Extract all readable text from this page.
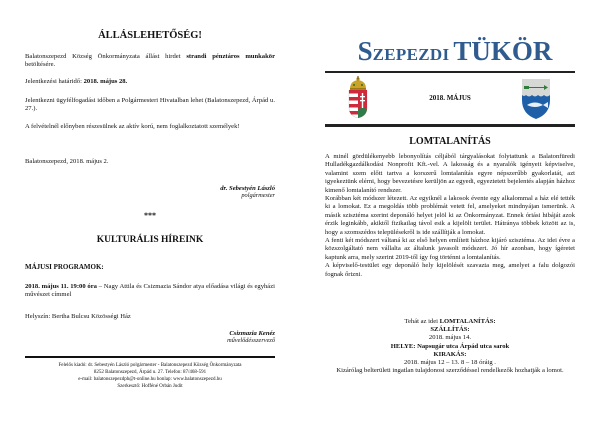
ÁLLÁSLEHETŐSÉG!
Balatonszepezd Község Önkormányzata állást hirdet strandi pénztáros munkakör betöltésére.
Jelentkezési határidő: 2018. május 28.
Jelentkezni ügyfélfogadási időben a Polgármesteri Hivatalban lehet (Balatonszepezd, Árpád u. 27.).
A felvételnél előnyben részesülnek az aktív korú, nem foglalkoztatott személyek!
Balatonszepezd, 2018. május 2.
dr. Sebestyén László
polgármester
***
KULTURÁLIS HÍREINK
MÁJUSI PROGRAMOK:
2018. május 11. 19:00 óra – Nagy Attila és Csizmazia Sándor atya előadása világi és egyházi művészet címmel
Helyszín: Bertha Bulcsu Közösségi Ház
Csizmazia Kenéz
művelődésszervező
Felelős kiadó: dr. Sebestyén László polgármester - Balatonszepezd Község Önkormányzata
8252 Balatonszepezd, Árpád u. 27. Telefon: 87/468-591
e-mail: balatonszepezdph@t-online.hu honlap: www.balatonszepezd.hu
Szerkesztő: Hofféné Orbán Judit
SZEPEZDI TÜKÖR
2018. MÁJUS
LOMTALANÍTÁS

A minél gördülékenyebb lebonyolítás céljából tárgyalásokat folytattunk a Balatonfüredi Hulladékgazdálkodási Nonprofit Kft.-vel. A lakosság és a nyaralók igényeit képviselve, valamint szem előtt tartva a korszerű lomtalanítás egyre népszerűbb gyakorlatát, azt igyekeztünk elérni, hogy bevezetésre kerüljön az egyedi, egyeztetett bejelentés alapján házhoz kimenő lomtalanító rendszer.

Korábban két módszer létezett. Az egyiknél a lakosok évente egy alkalommal a ház elé tették ki a lomokat. Ez a megoldás több problémát vetett fel, amelyeket mindnyájan ismerünk. A másik szisztéma szerint deponáló helyet jelöl ki az Önkormányzat. Ennek óriási hibáját azok érzik leginkább, akiktől fizikailag távol esik a kijelölt terület. Hátránya többek között az is, hogy a szomszédos településekről is ide szállítják a lomokat.

A fenti két módszert váltaná ki az első helyen említett házhoz kijáró szisztéma. Az idei évre a közszolgáltató nem vállalta az általunk javasolt módszert. Jó hír azonban, hogy ígéretet kaptunk arra, mely szerint 2019-től így fog történni a lomtalanítás.

A képviselő-testület egy deponáló hely kijelölését szavazta meg, amelyet a falu dolgozói fognak őrizni.

Tehát az idei LOMTALANÍTÁS:
SZÁLLÍTÁS:
2018. május 14.
HELYE: Napsugár utca Árpád utca sarok
KIRAKÁS:
2018. május 12 – 13. 8 – 18 óráig .
Kizárólag belterületi ingatlan tulajdonosi szerződéssel rendelkezők hozhatják a lomot.
